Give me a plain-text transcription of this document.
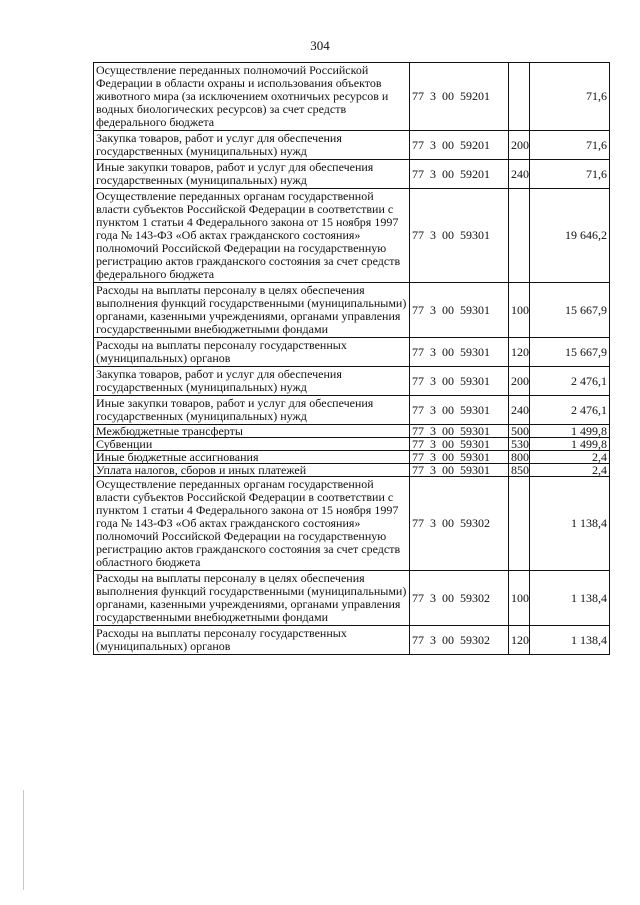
304
Осуществление переданных полномочий Российской Федерации в области охраны и использования объектов животного мира (за исключением охотничьих ресурсов и водных биологических ресурсов) за счет средств федерального бюджета	77 3 00 59201		71,6
Закупка товаров, работ и услуг для обеспечения государственных (муниципальных) нужд	77 3 00 59201	200	71,6
Иные закупки товаров, работ и услуг для обеспечения государственных (муниципальных) нужд	77 3 00 59201	240	71,6
Осуществление переданных органам государственной власти субъектов Российской Федерации в соответствии с пунктом 1 статьи 4 Федерального закона от 15 ноября 1997 года № 143-ФЗ «Об актах гражданского состояния» полномочий Российской Федерации на государственную регистрацию актов гражданского состояния за счет средств федерального бюджета	77 3 00 59301		19 646,2
Расходы на выплаты персоналу в целях обеспечения выполнения функций государственными (муниципальными) органами, казенными учреждениями, органами управления государственными внебюджетными фондами	77 3 00 59301	100	15 667,9
Расходы на выплаты персоналу государственных (муниципальных) органов	77 3 00 59301	120	15 667,9
Закупка товаров, работ и услуг для обеспечения государственных (муниципальных) нужд	77 3 00 59301	200	2 476,1
Иные закупки товаров, работ и услуг для обеспечения государственных (муниципальных) нужд	77 3 00 59301	240	2 476,1
Межбюджетные трансферты	77 3 00 59301	500	1 499,8
Субвенции	77 3 00 59301	530	1 499,8
Иные бюджетные ассигнования	77 3 00 59301	800	2,4
Уплата налогов, сборов и иных платежей	77 3 00 59301	850	2,4
Осуществление переданных органам государственной власти субъектов Российской Федерации в соответствии с пунктом 1 статьи 4 Федерального закона от 15 ноября 1997 года № 143-ФЗ «Об актах гражданского состояния» полномочий Российской Федерации на государственную регистрацию актов гражданского состояния за счет средств областного бюджета	77 3 00 59302		1 138,4
Расходы на выплаты персоналу в целях обеспечения выполнения функций государственными (муниципальными) органами, казенными учреждениями, органами управления государственными внебюджетными фондами	77 3 00 59302	100	1 138,4
Расходы на выплаты персоналу государственных (муниципальных) органов	77 3 00 59302	120	1 138,4
